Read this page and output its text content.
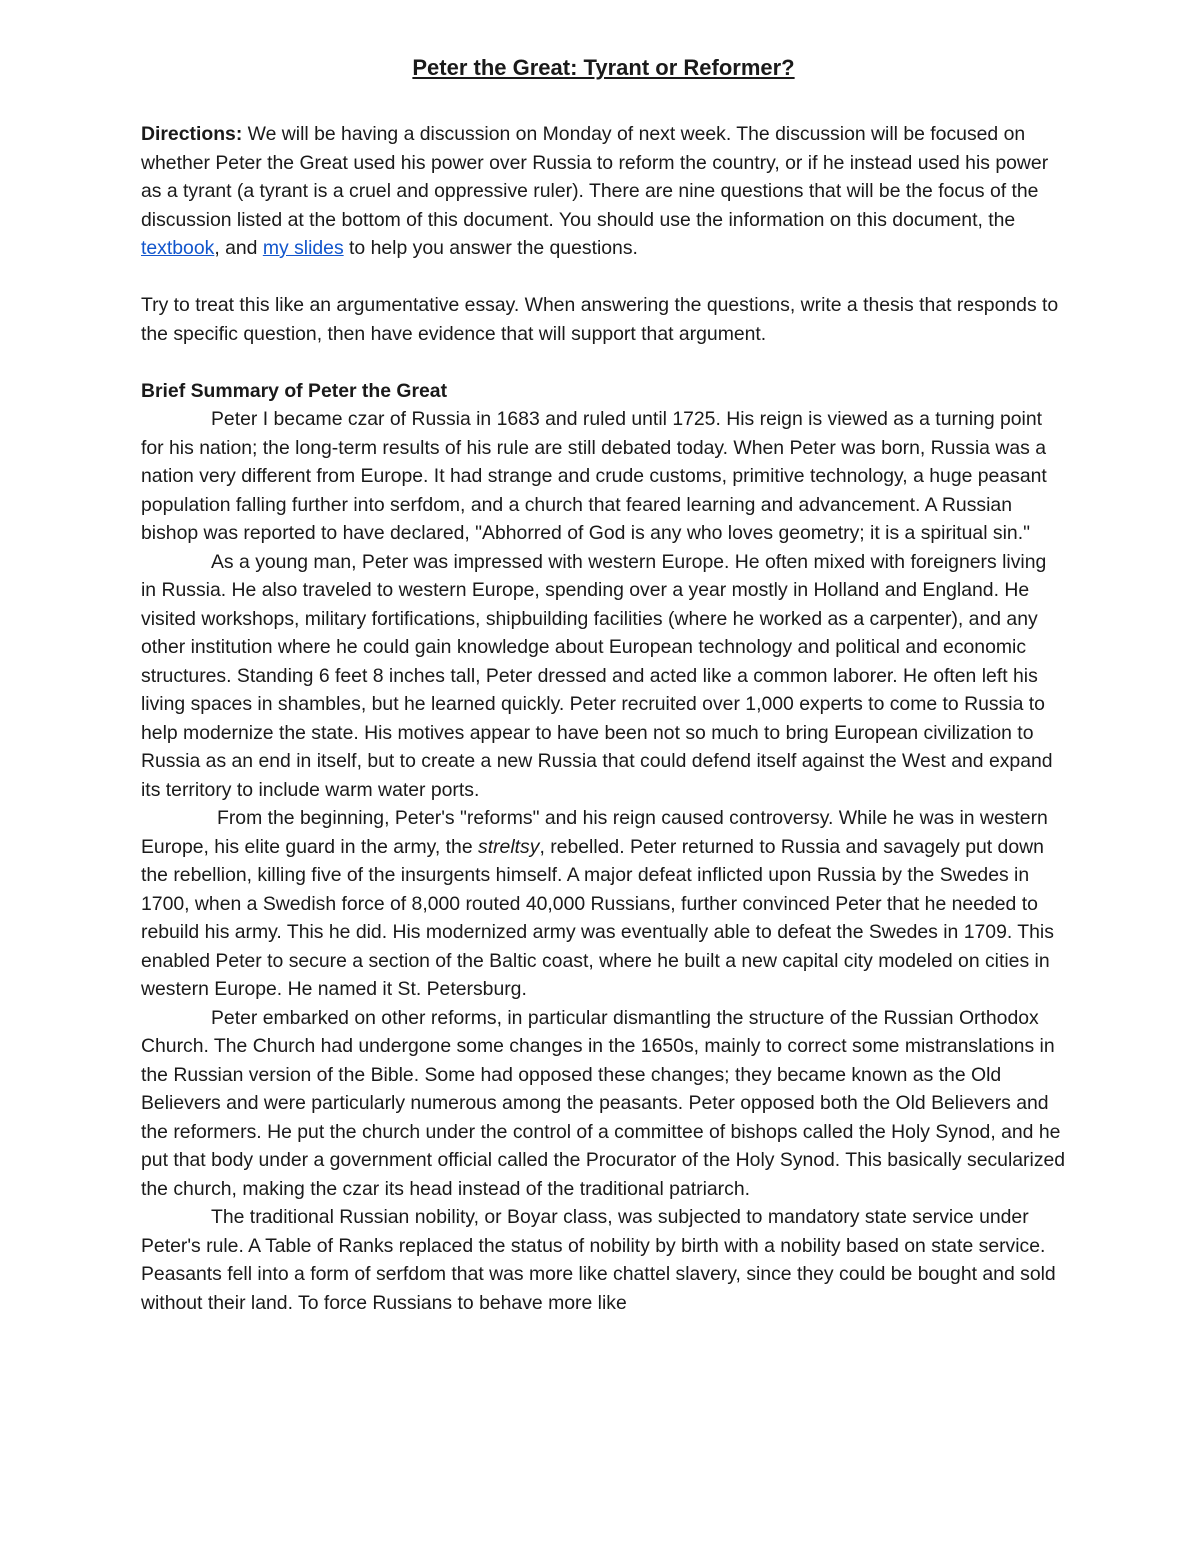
Peter the Great: Tyrant or Reformer?

Directions: We will be having a discussion on Monday of next week. The discussion will be focused on whether Peter the Great used his power over Russia to reform the country, or if he instead used his power as a tyrant (a tyrant is a cruel and oppressive ruler). There are nine questions that will be the focus of the discussion listed at the bottom of this document. You should use the information on this document, the textbook, and my slides to help you answer the questions.

Try to treat this like an argumentative essay. When answering the questions, write a thesis that responds to the specific question, then have evidence that will support that argument.

Brief Summary of Peter the Great

Peter I became czar of Russia in 1683 and ruled until 1725. His reign is viewed as a turning point for his nation; the long-term results of his rule are still debated today. When Peter was born, Russia was a nation very different from Europe. It had strange and crude customs, primitive technology, a huge peasant population falling further into serfdom, and a church that feared learning and advancement. A Russian bishop was reported to have declared, "Abhorred of God is any who loves geometry; it is a spiritual sin."

As a young man, Peter was impressed with western Europe. He often mixed with foreigners living in Russia. He also traveled to western Europe, spending over a year mostly in Holland and England. He visited workshops, military fortifications, shipbuilding facilities (where he worked as a carpenter), and any other institution where he could gain knowledge about European technology and political and economic structures. Standing 6 feet 8 inches tall, Peter dressed and acted like a common laborer. He often left his living spaces in shambles, but he learned quickly. Peter recruited over 1,000 experts to come to Russia to help modernize the state. His motives appear to have been not so much to bring European civilization to Russia as an end in itself, but to create a new Russia that could defend itself against the West and expand its territory to include warm water ports.

From the beginning, Peter's "reforms" and his reign caused controversy. While he was in western Europe, his elite guard in the army, the streltsy, rebelled. Peter returned to Russia and savagely put down the rebellion, killing five of the insurgents himself. A major defeat inflicted upon Russia by the Swedes in 1700, when a Swedish force of 8,000 routed 40,000 Russians, further convinced Peter that he needed to rebuild his army. This he did. His modernized army was eventually able to defeat the Swedes in 1709. This enabled Peter to secure a section of the Baltic coast, where he built a new capital city modeled on cities in western Europe. He named it St. Petersburg.

Peter embarked on other reforms, in particular dismantling the structure of the Russian Orthodox Church. The Church had undergone some changes in the 1650s, mainly to correct some mistranslations in the Russian version of the Bible. Some had opposed these changes; they became known as the Old Believers and were particularly numerous among the peasants. Peter opposed both the Old Believers and the reformers. He put the church under the control of a committee of bishops called the Holy Synod, and he put that body under a government official called the Procurator of the Holy Synod. This basically secularized the church, making the czar its head instead of the traditional patriarch.

The traditional Russian nobility, or Boyar class, was subjected to mandatory state service under Peter's rule. A Table of Ranks replaced the status of nobility by birth with a nobility based on state service. Peasants fell into a form of serfdom that was more like chattel slavery, since they could be bought and sold without their land. To force Russians to behave more like
